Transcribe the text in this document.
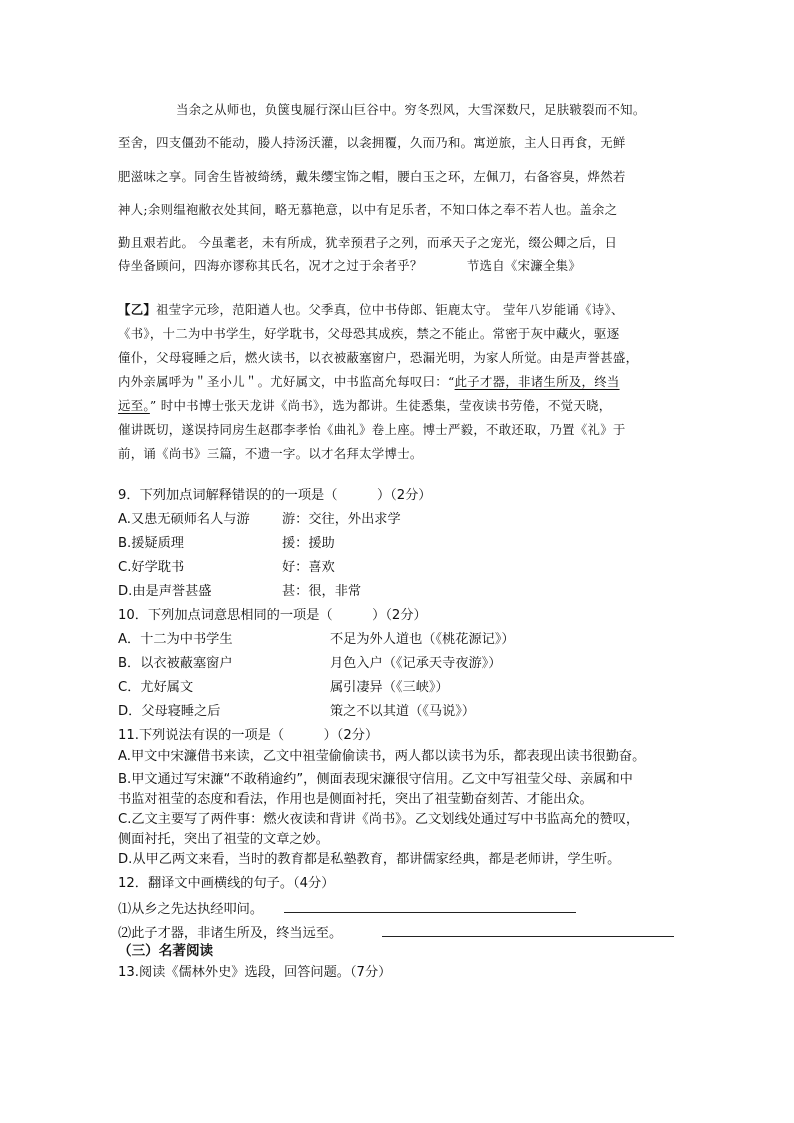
当余之从师也，负箧曳屣行深山巨谷中。穷冬烈风，大雪深数尺，足肤皲裂而不知。
至舍，四支僵劲不能动，媵人持汤沃灌，以衾拥覆，久而乃和。寓逆旅，主人日再食，无鲜
肥滋味之享。同舍生皆被绮绣，戴朱缨宝饰之帽，腰白玉之环，左佩刀，右备容臭，烨然若
神人;余则缊袍敝衣处其间，略无慕艳意，以中有足乐者，不知口体之奉不若人也。盖余之
勤且艰若此。 今虽耄老，未有所成，犹幸预君子之列，而承天子之宠光，缀公卿之后，日
侍坐备顾问，四海亦谬称其氏名，况才之过于余者乎？	节选自《宋濂全集》
【乙】祖莹字元珍，范阳遒人也。父季真，位中书侍郎、钜鹿太守。 莹年八岁能诵《诗》、
《书》，十二为中书学生，好学耽书，父母恐其成疾，禁之不能止。常密于灰中藏火，驱逐
僮仆，父母寝睡之后，燃火读书，以衣被蔽塞窗户，恐漏光明，为家人所觉。由是声誉甚盛，
内外亲属呼为＂圣小儿＂。尤好属文，中书监高允每叹曰：“此子才器，非诸生所及，终当
远至。” 时中书博士张天龙讲《尚书》，选为都讲。生徒悉集，莹夜读书劳倦，不觉天晓，
催讲既切，遂误持同房生赵郡李孝怡《曲礼》卷上座。博士严毅，不敢还取，乃置《礼》于
前，诵《尚书》三篇，不遗一字。以才名拜太学博士。
9．下列加点词解释错误的的一项是（　　　）（2分）
A.又患无硕师名人与游 游：交往，外出求学
B.援疑质理	援：援助
C.好学耽书	好：喜欢
D.由是声誉甚盛	甚：很，非常
10．下列加点词意思相同的一项是（　　　）（2分）
A．十二为中书学生	不足为外人道也（《桃花源记》）
B．以衣被蔽塞窗户	月色入户（《记承天寺夜游》）
C．尤好属文	属引凄异（《三峡》）
D．父母寝睡之后	策之不以其道（《马说》）
11.下列说法有误的一项是（　　　）（2分）
A.甲文中宋濂借书来读，乙文中祖莹偷偷读书，两人都以读书为乐，都表现出读书很勤奋。
B.甲文通过写宋濂“不敢稍逾约”，侧面表现宋濂很守信用。乙文中写祖莹父母、亲属和中
书监对祖莹的态度和看法，作用也是侧面衬托，突出了祖莹勤奋刻苦、才能出众。
C.乙文主要写了两件事：燃火夜读和背讲《尚书》。乙文划线处通过写中书监高允的赞叹，
侧面衬托，突出了祖莹的文章之妙。
D.从甲乙两文来看，当时的教育都是私塾教育，都讲儒家经典，都是老师讲，学生听。
12．翻译文中画横线的句子。（4分）
⑴从乡之先达执经叩问。
⑵此子才器，非诸生所及，终当远至。
（三）名著阅读
13.阅读《儒林外史》选段，回答问题。（7分）
